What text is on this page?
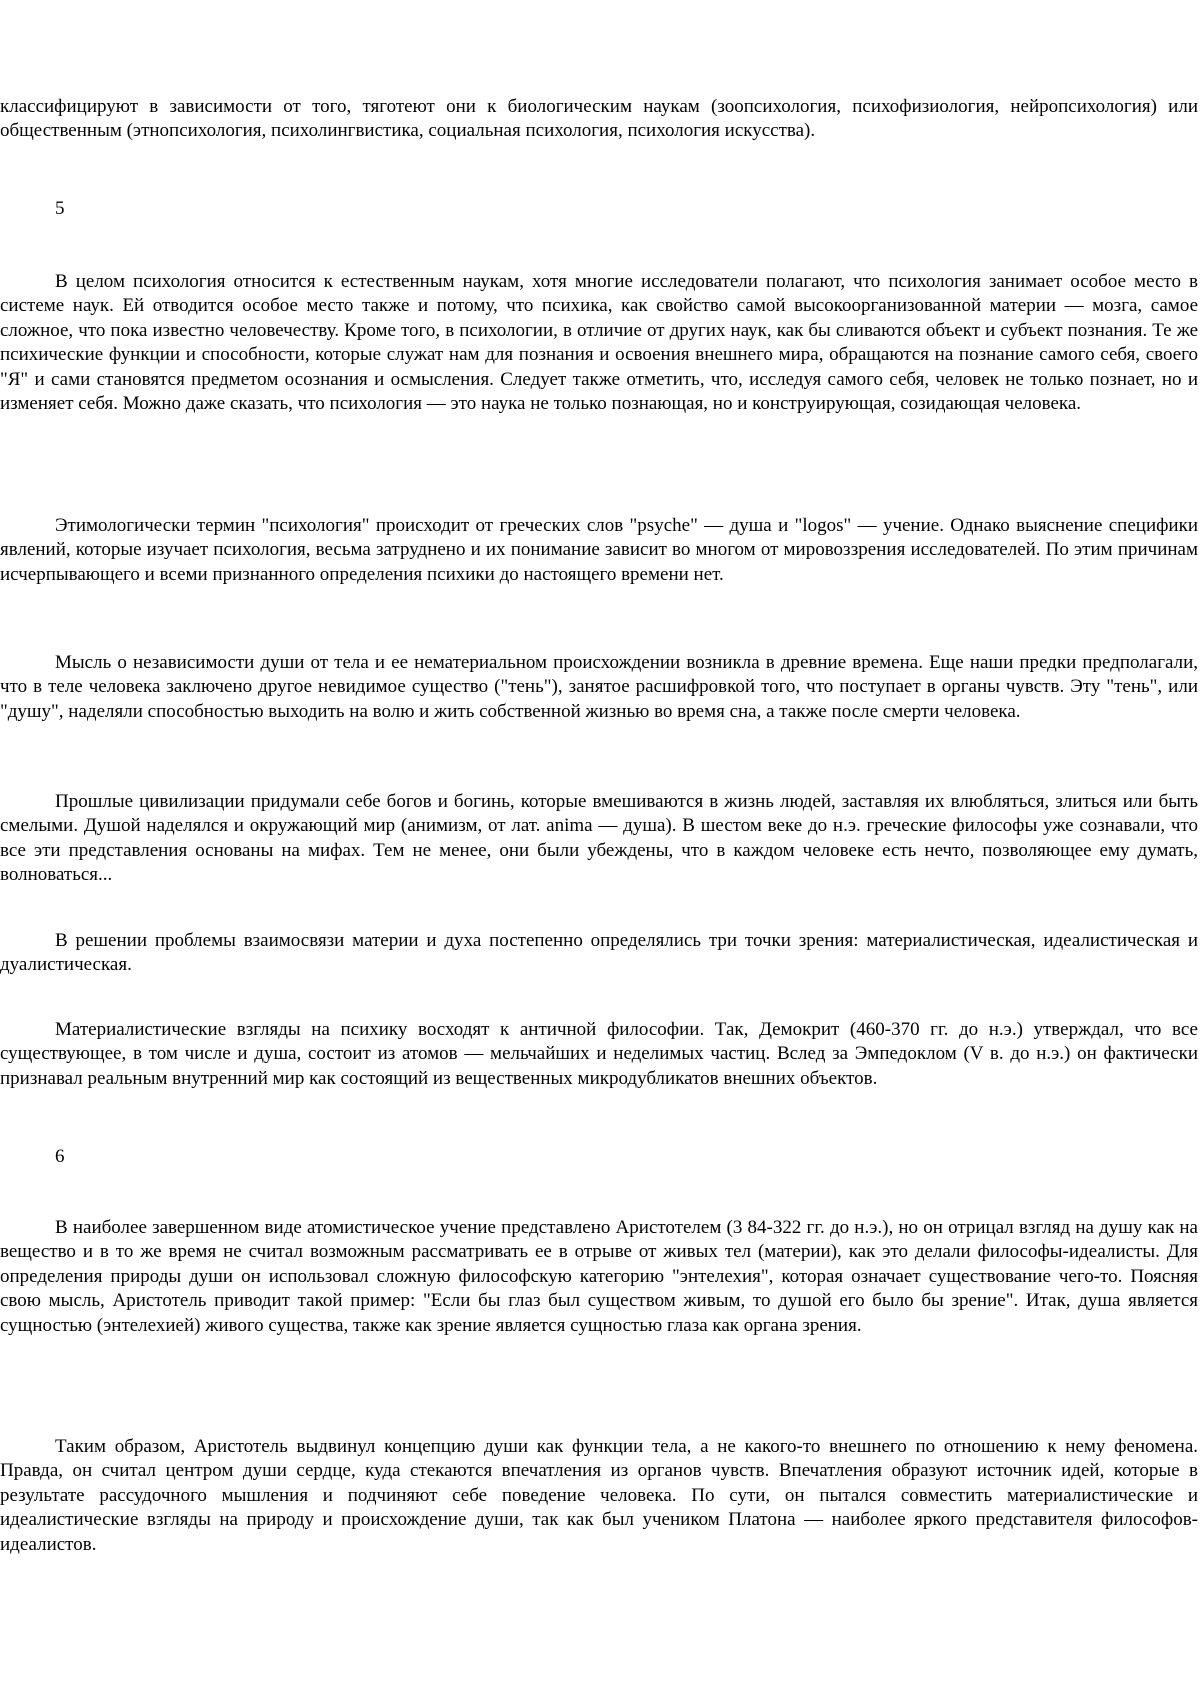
классифицируют в зависимости от того, тяготеют они к биологическим наукам (зоопсихология, психофизиология, нейропсихология) или общественным (этнопсихология, психолингвистика, социальная психология, психология искусства).

5

В целом психология относится к естественным наукам, хотя многие исследователи полагают, что психология занимает особое место в системе наук. Ей отводится особое место также и потому, что психика, как свойство самой высокоорганизованной материи — мозга, самое сложное, что пока известно человечеству. Кроме того, в психологии, в отличие от других наук, как бы сливаются объект и субъект познания. Те же психические функции и способности, которые служат нам для познания и освоения внешнего мира, обращаются на познание самого себя, своего "Я" и сами становятся предметом осознания и осмысления. Следует также отметить, что, исследуя самого себя, человек не только познает, но и изменяет себя. Можно даже сказать, что психология — это наука не только познающая, но и конструирующая, созидающая человека.

Этимологически термин "психология" происходит от греческих слов "psyche" — душа и "logos" — учение. Однако выяснение специфики явлений, которые изучает психология, весьма затруднено и их понимание зависит во многом от мировоззрения исследователей. По этим причинам исчерпывающего и всеми признанного определения психики до настоящего времени нет.

Мысль о независимости души от тела и ее нематериальном происхождении возникла в древние времена. Еще наши предки предполагали, что в теле человека заключено другое невидимое существо ("тень"), занятое расшифровкой того, что поступает в органы чувств. Эту "тень", или "душу", наделяли способностью выходить на волю и жить собственной жизнью во время сна, а также после смерти человека.

Прошлые цивилизации придумали себе богов и богинь, которые вмешиваются в жизнь людей, заставляя их влюбляться, злиться или быть смелыми. Душой наделялся и окружающий мир (анимизм, от лат. anima — душа). В шестом веке до н.э. греческие философы уже сознавали, что все эти представления основаны на мифах. Тем не менее, они были убеждены, что в каждом человеке есть нечто, позволяющее ему думать, волноваться...

В решении проблемы взаимосвязи материи и духа постепенно определялись три точки зрения: материалистическая, идеалистическая и дуалистическая.

Материалистические взгляды на психику восходят к античной философии. Так, Демокрит (460-370 гг. до н.э.) утверждал, что все существующее, в том числе и душа, состоит из атомов — мельчайших и неделимых частиц. Вслед за Эмпедоклом (V в. до н.э.) он фактически признавал реальным внутренний мир как состоящий из вещественных микродубликатов внешних объектов.

6

В наиболее завершенном виде атомистическое учение представлено Аристотелем (3 84-322 гг. до н.э.), но он отрицал взгляд на душу как на вещество и в то же время не считал возможным рассматривать ее в отрыве от живых тел (материи), как это делали философы-идеалисты. Для определения природы души он использовал сложную философскую категорию "энтелехия", которая означает существование чего-то. Поясняя свою мысль, Аристотель приводит такой пример: "Если бы глаз был существом живым, то душой его было бы зрение". Итак, душа является сущностью (энтелехией) живого существа, также как зрение является сущностью глаза как органа зрения.

Таким образом, Аристотель выдвинул концепцию души как функции тела, а не какого-то внешнего по отношению к нему феномена. Правда, он считал центром души сердце, куда стекаются впечатления из органов чувств. Впечатления образуют источник идей, которые в результате рассудочного мышления и подчиняют себе поведение человека. По сути, он пытался совместить материалистические и идеалистические взгляды на природу и происхождение души, так как был учеником Платона — наиболее яркого представителя философов-идеалистов.
